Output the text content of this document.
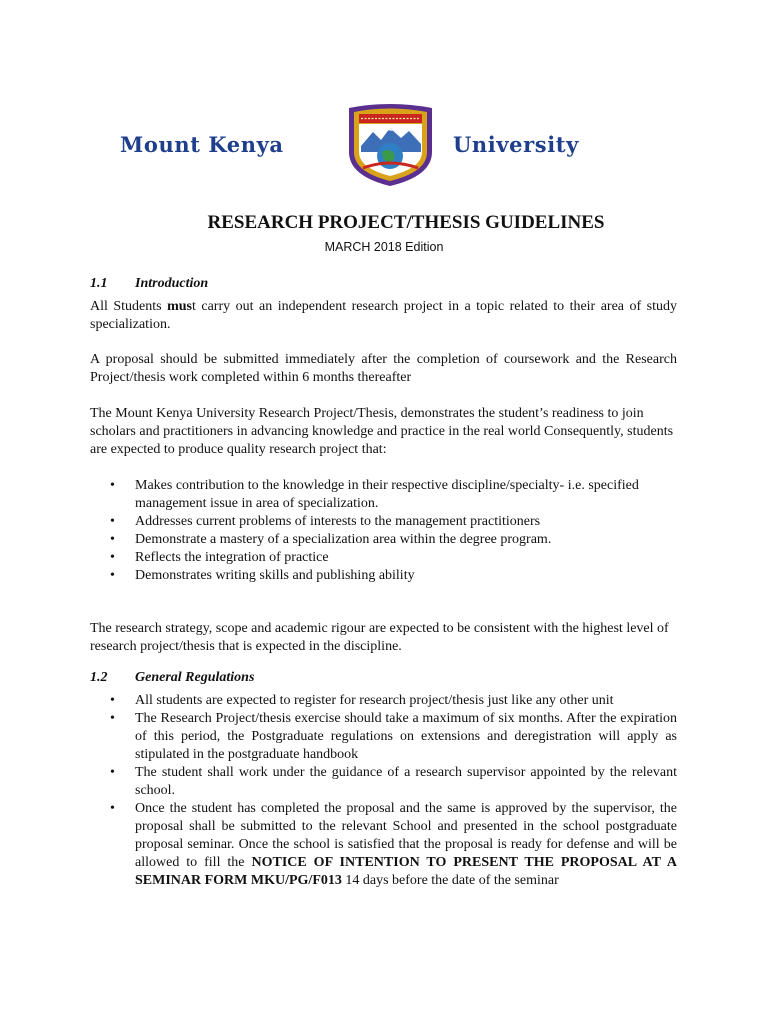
Mount Kenya	University
RESEARCH PROJECT/THESIS GUIDELINES
MARCH 2018 Edition
1.1 Introduction
All Students must carry out an independent research project in a topic related to their area of study specialization.
A proposal should be submitted immediately after the completion of coursework and the Research Project/thesis work completed within 6 months thereafter
The Mount Kenya University Research Project/Thesis, demonstrates the student’s readiness to join scholars and practitioners in advancing knowledge and practice in the real world Consequently, students are expected to produce quality research project that:
• Makes contribution to the knowledge in their respective discipline/specialty- i.e. specified management issue in area of specialization.
• Addresses current problems of interests to the management practitioners
• Demonstrate a mastery of a specialization area within the degree program.
• Reflects the integration of practice
• Demonstrates writing skills and publishing ability
The research strategy, scope and academic rigour are expected to be consistent with the highest level of research project/thesis that is expected in the discipline.
1.2 General Regulations
• All students are expected to register for research project/thesis just like any other unit
• The Research Project/thesis exercise should take a maximum of six months. After the expiration of this period, the Postgraduate regulations on extensions and deregistration will apply as stipulated in the postgraduate handbook
• The student shall work under the guidance of a research supervisor appointed by the relevant school.
• Once the student has completed the proposal and the same is approved by the supervisor, the proposal shall be submitted to the relevant School and presented in the school postgraduate proposal seminar. Once the school is satisfied that the proposal is ready for defense and will be allowed to fill the NOTICE OF INTENTION TO PRESENT THE PROPOSAL AT A SEMINAR FORM MKU/PG/F013 14 days before the date of the seminar
